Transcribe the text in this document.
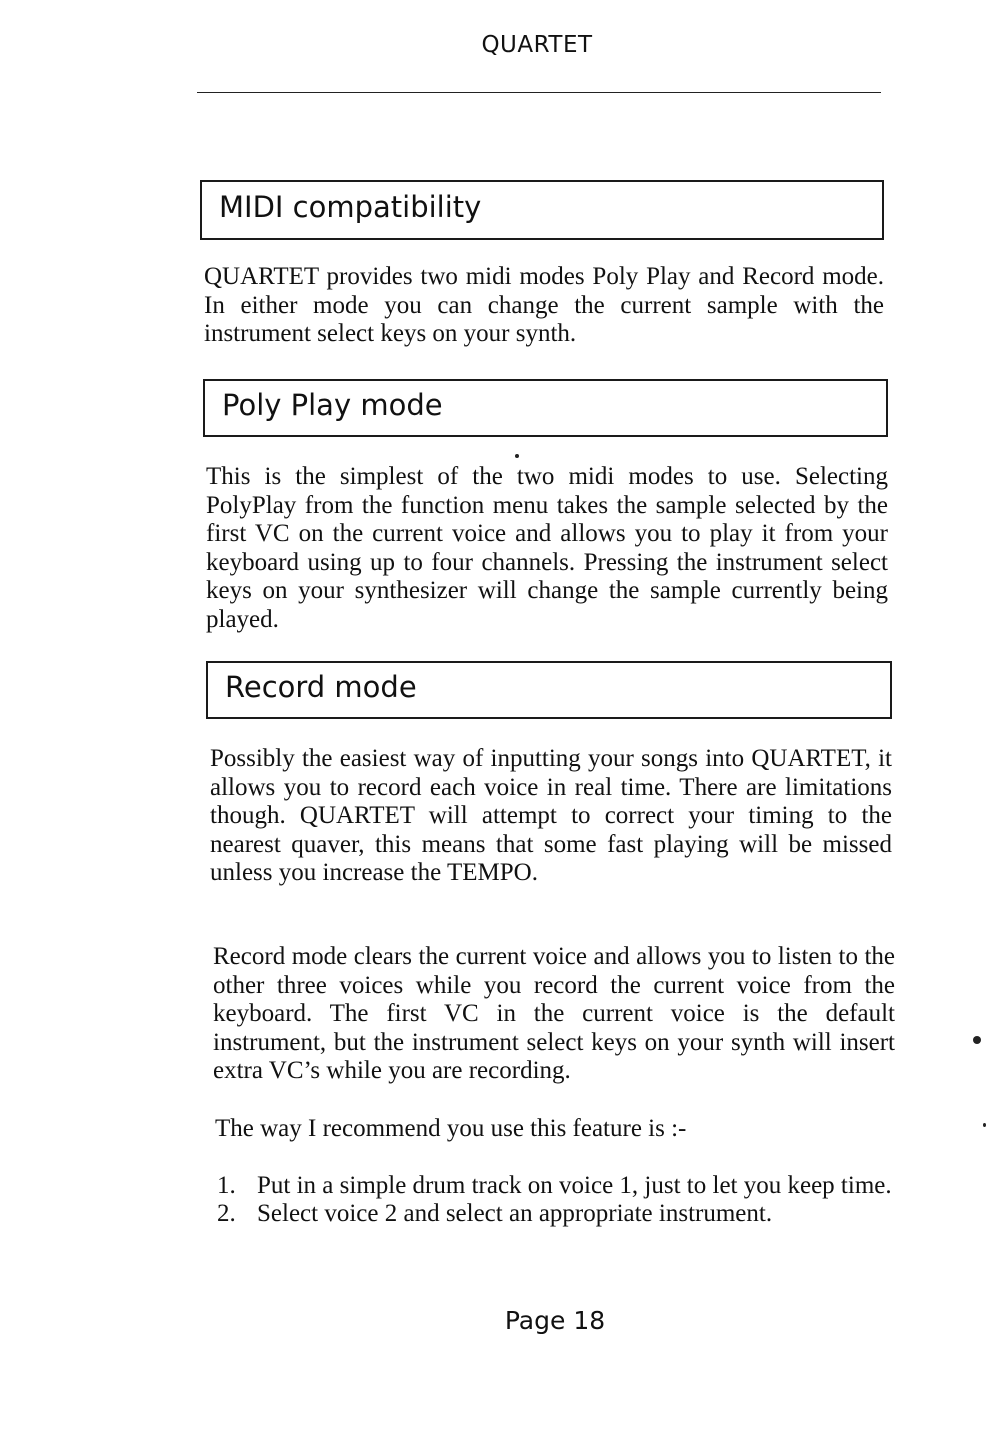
QUARTET
MIDI compatibility

QUARTET provides two midi modes Poly Play and Record mode. In either mode you can change the current sample with the instrument select keys on your synth.

Poly Play mode

This is the simplest of the two midi modes to use. Selecting PolyPlay from the function menu takes the sample selected by the first VC on the current voice and allows you to play it from your keyboard using up to four channels. Pressing the instrument select keys on your synthesizer will change the sample currently being played.

Record mode

Possibly the easiest way of inputting your songs into QUARTET, it allows you to record each voice in real time. There are limitations though. QUARTET will attempt to correct your timing to the nearest quaver, this means that some fast playing will be missed unless you increase the TEMPO.

Record mode clears the current voice and allows you to listen to the other three voices while you record the current voice from the keyboard. The first VC in the current voice is the default instrument, but the instrument select keys on your synth will insert extra VC’s while you are recording.

The way I recommend you use this feature is :-

1. Put in a simple drum track on voice 1, just to let you keep time.
2. Select voice 2 and select an appropriate instrument.
Page 18
